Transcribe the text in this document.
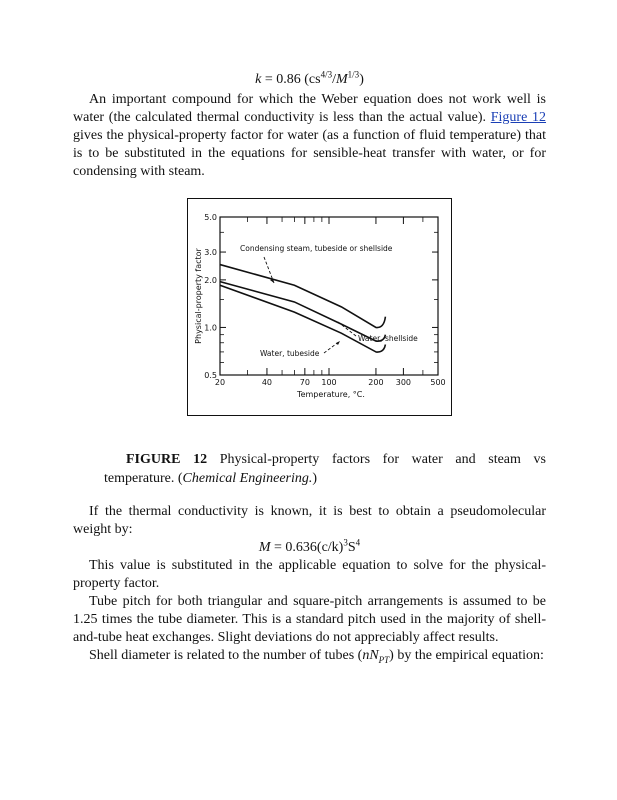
k = 0.86 $(cs^{4/3}/M^{1/3})$

An important compound for which the Weber equation does not work well is water (the calculated thermal conductivity is less than the actual value). Figure 12 gives the physical-property factor for water (as a function of fluid temperature) that is to be substituted in the equations for sensible-heat transfer with water, or for condensing with steam.

0.5
1.0
2.0
3.0
5.0
20	40	70 100	200 300 500
Temperature, °C.
Physical-property factor	Condensing steam, tubeside or shellside
Water, shellside
Water, tubeside
FIGURE 12 Physical-property factors for water and steam vs temperature. (Chemical Engineering.)

If the thermal conductivity is known, it is best to obtain a pseudomolecular weight by:

$M = 0.636(c/k)^3S^4$

This value is substituted in the applicable equation to solve for the physical-property factor.

Tube pitch for both triangular and square-pitch arrangements is assumed to be 1.25 times the tube diameter. This is a standard pitch used in the majority of shell-and-tube heat exchanges. Slight deviations do not appreciably affect results.

Shell diameter is related to the number of tubes $(nN_{PT})$ by the empirical equation:
